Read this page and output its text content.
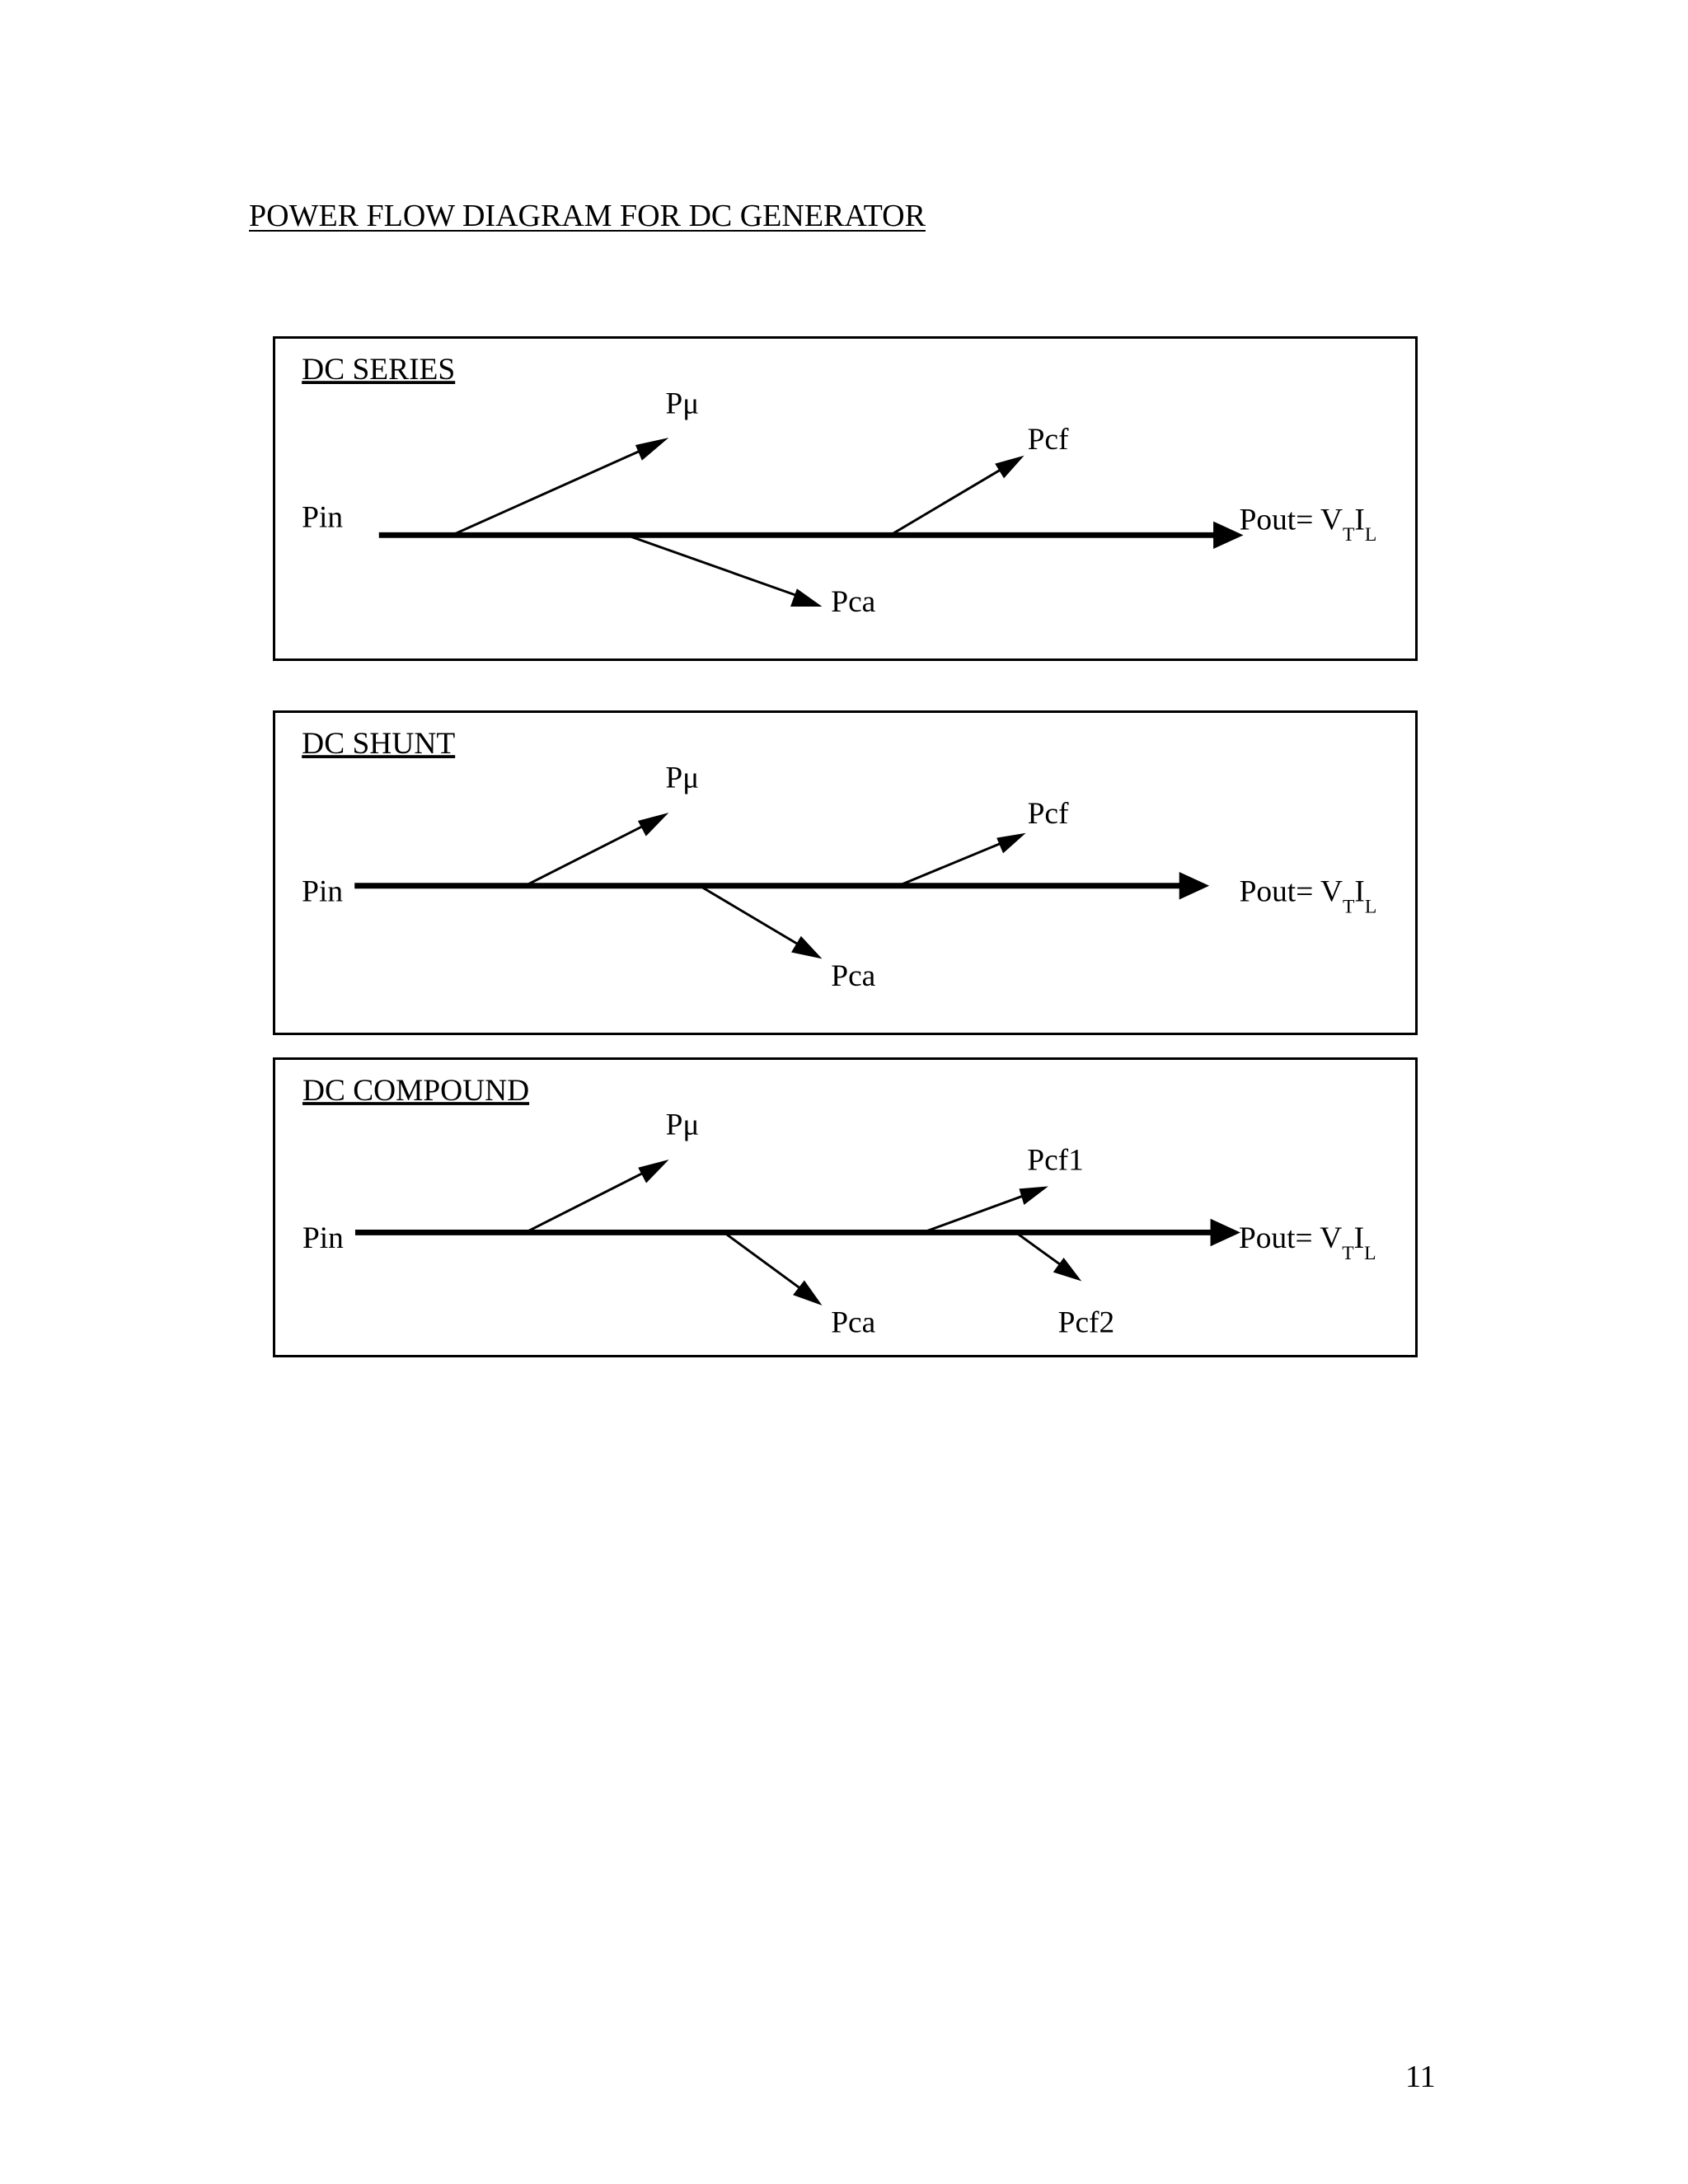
POWER FLOW DIAGRAM FOR DC GENERATOR
DC SERIES
Pin
Pμ
Pcf
Pca
Pout= $V_TI_L$
DC SHUNT
Pin
Pμ
Pcf
Pca
Pout= $V_TI_L$
DC COMPOUND
Pin
Pμ
Pcf1
Pca	Pcf2
Pout= $V_TI_L$
11
